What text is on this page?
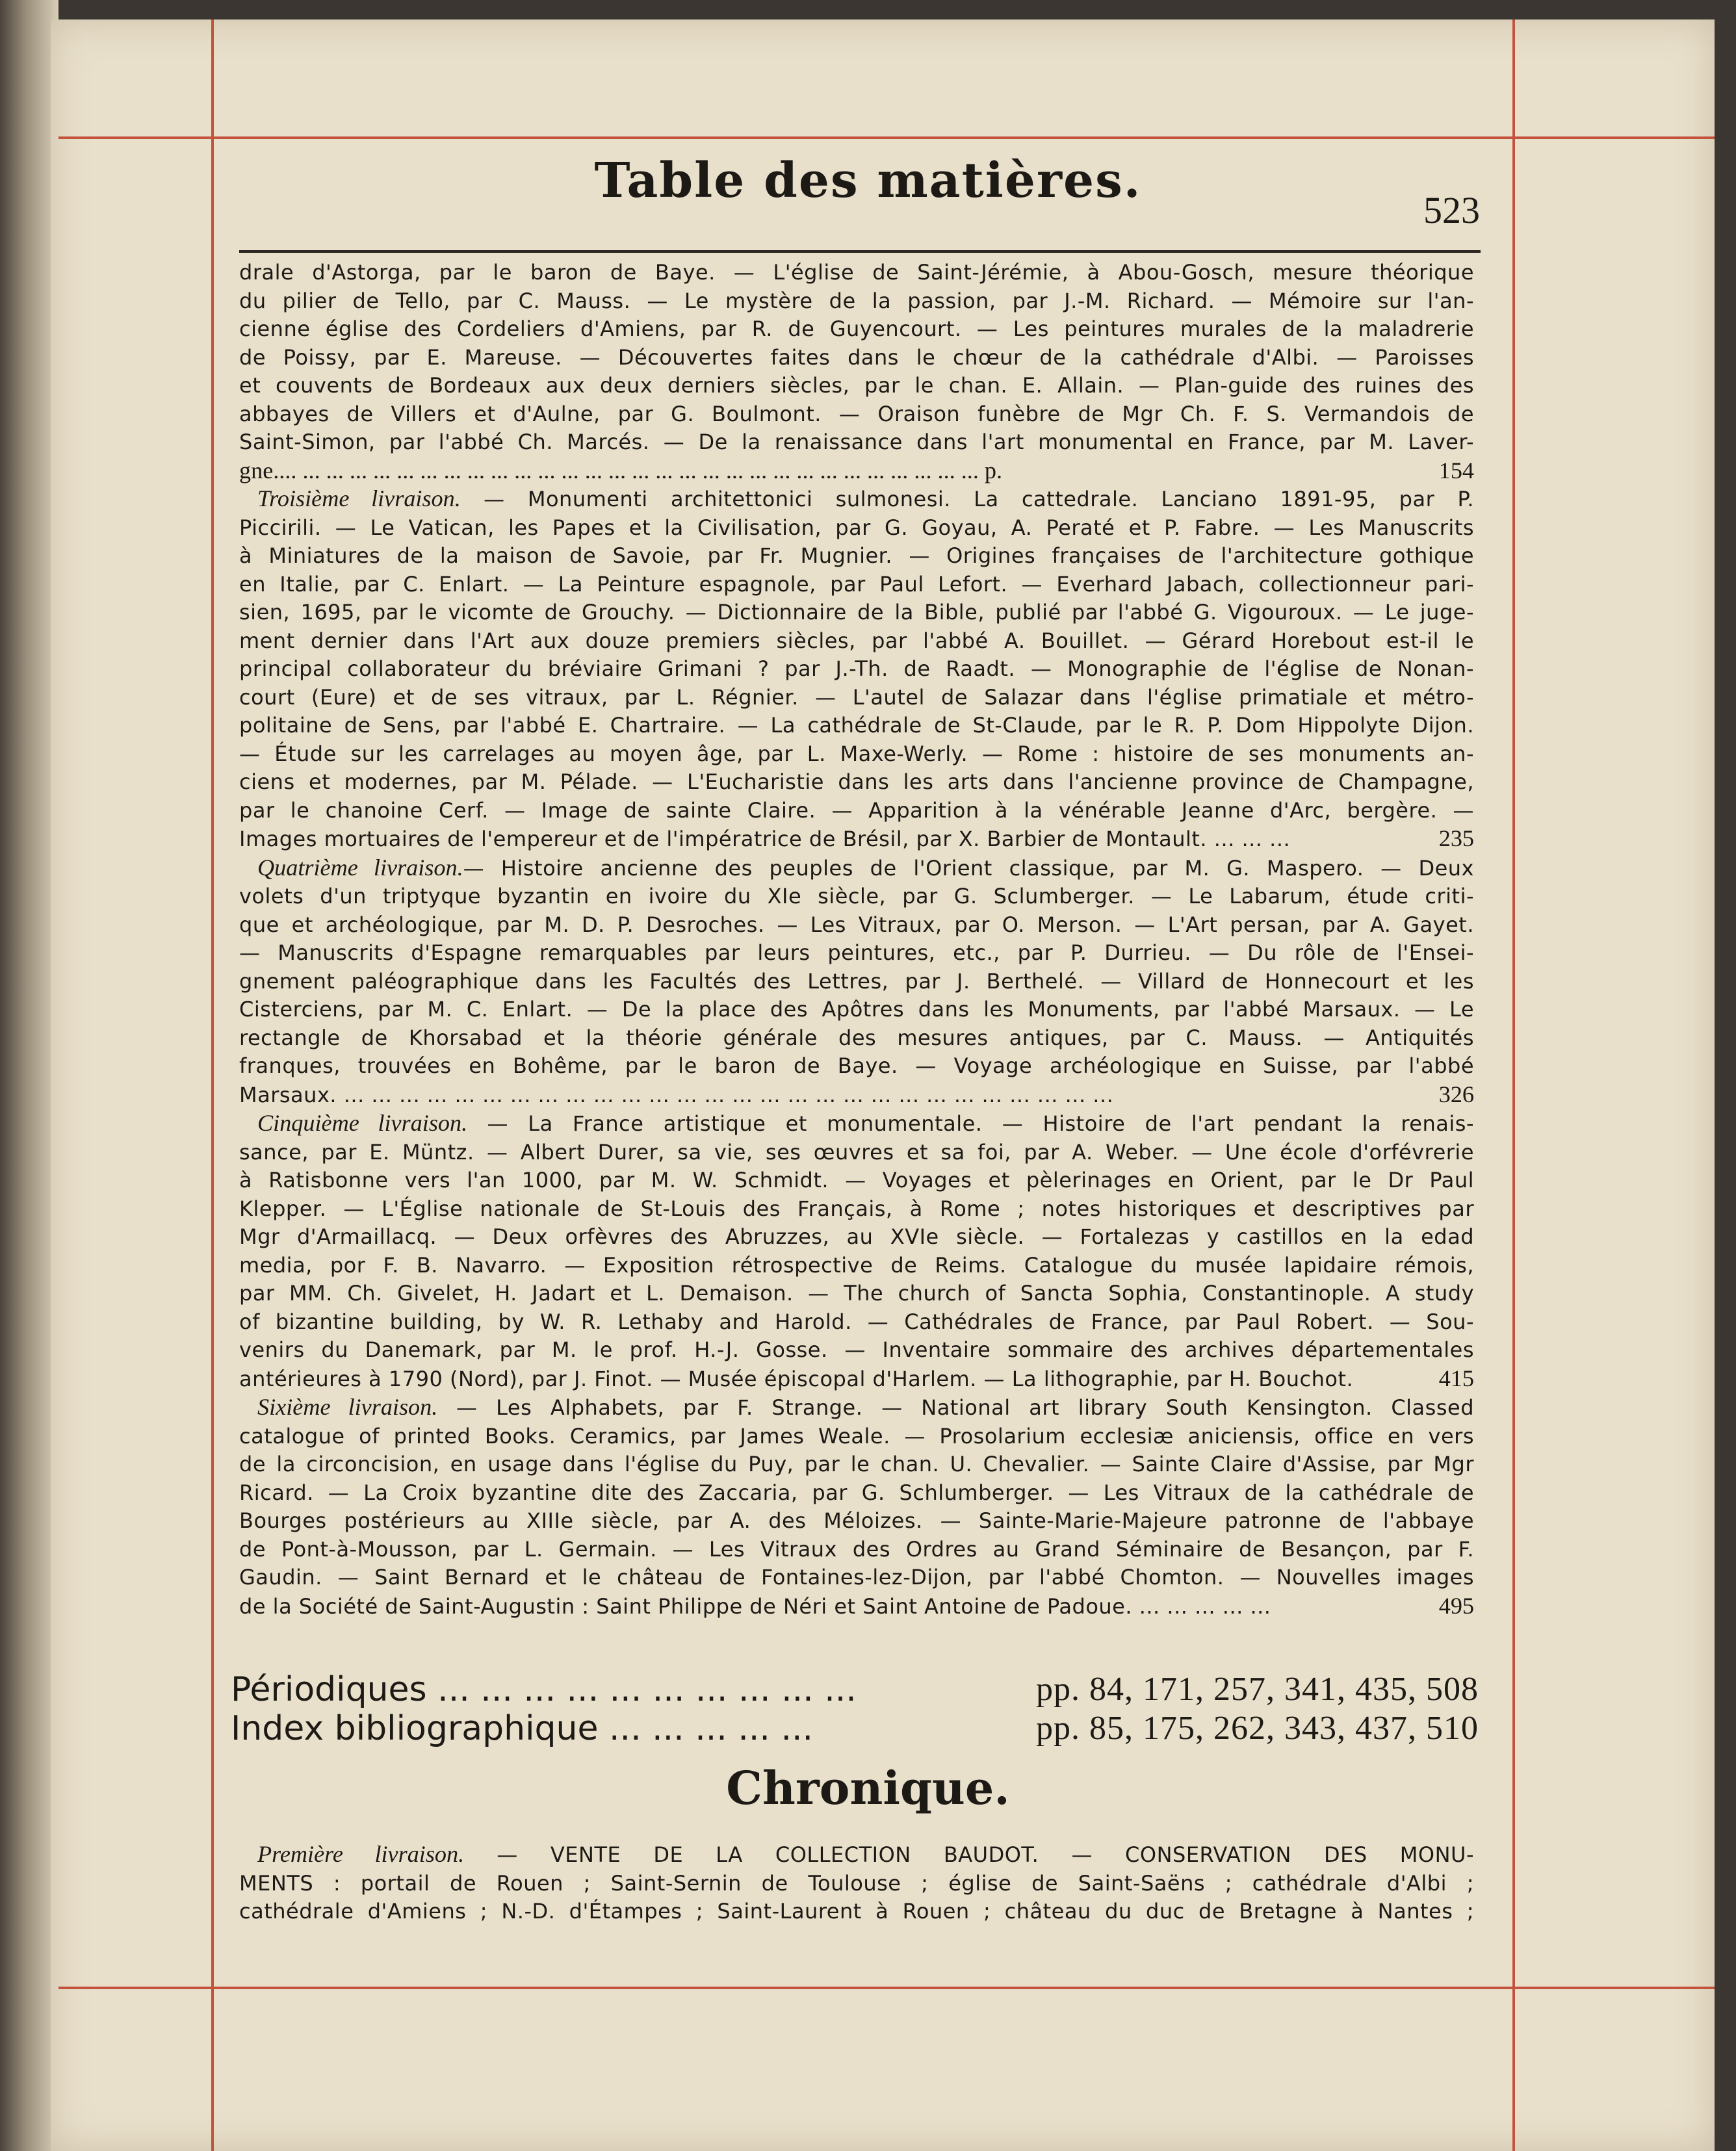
Table des matières.
523
drale d'Astorga, par le baron de Baye. — L'église de Saint-Jérémie, à Abou-Gosch, mesure théorique
du pilier de Tello, par C. Mauss. — Le mystère de la passion, par J.-M. Richard. — Mémoire sur l'an-
cienne église des Cordeliers d'Amiens, par R. de Guyencourt. — Les peintures murales de la maladrerie
de Poissy, par E. Mareuse. — Découvertes faites dans le chœur de la cathédrale d'Albi. — Paroisses
et couvents de Bordeaux aux deux derniers siècles, par le chan. E. Allain. — Plan-guide des ruines des
abbayes de Villers et d'Aulne, par G. Boulmont. — Oraison funèbre de Mgr Ch. F. S. Vermandois de
Saint-Simon, par l'abbé Ch. Marcés. — De la renaissance dans l'art monumental en France, par M. Laver-
gne.... ... ... ... ... ... ... ... ... ... ... ... ... ... ... ... ... ... ... ... ... ... ... ... ... ... ... ... ... ... p.	154
Troisième livraison. — Monumenti architettonici sulmonesi. La cattedrale. Lanciano 1891-95, par P.
Piccirili. — Le Vatican, les Papes et la Civilisation, par G. Goyau, A. Peraté et P. Fabre. — Les Manuscrits
à Miniatures de la maison de Savoie, par Fr. Mugnier. — Origines françaises de l'architecture gothique
en Italie, par C. Enlart. — La Peinture espagnole, par Paul Lefort. — Everhard Jabach, collectionneur pari-
sien, 1695, par le vicomte de Grouchy. — Dictionnaire de la Bible, publié par l'abbé G. Vigouroux. — Le juge-
ment dernier dans l'Art aux douze premiers siècles, par l'abbé A. Bouillet. — Gérard Horebout est-il le
principal collaborateur du bréviaire Grimani ? par J.-Th. de Raadt. — Monographie de l'église de Nonan-
court (Eure) et de ses vitraux, par L. Régnier. — L'autel de Salazar dans l'église primatiale et métro-
politaine de Sens, par l'abbé E. Chartraire. — La cathédrale de St-Claude, par le R. P. Dom Hippolyte Dijon.
— Étude sur les carrelages au moyen âge, par L. Maxe-Werly. — Rome : histoire de ses monuments an-
ciens et modernes, par M. Pélade. — L'Eucharistie dans les arts dans l'ancienne province de Champagne,
par le chanoine Cerf. — Image de sainte Claire. — Apparition à la vénérable Jeanne d'Arc, bergère. —
Images mortuaires de l'empereur et de l'impératrice de Brésil, par X. Barbier de Montault. ... ... ...	235
Quatrième livraison.— Histoire ancienne des peuples de l'Orient classique, par M. G. Maspero. — Deux
volets d'un triptyque byzantin en ivoire du XIe siècle, par G. Sclumberger. — Le Labarum, étude criti-
que et archéologique, par M. D. P. Desroches. — Les Vitraux, par O. Merson. — L'Art persan, par A. Gayet.
— Manuscrits d'Espagne remarquables par leurs peintures, etc., par P. Durrieu. — Du rôle de l'Ensei-
gnement paléographique dans les Facultés des Lettres, par J. Berthelé. — Villard de Honnecourt et les
Cisterciens, par M. C. Enlart. — De la place des Apôtres dans les Monuments, par l'abbé Marsaux. — Le
rectangle de Khorsabad et la théorie générale des mesures antiques, par C. Mauss. — Antiquités
franques, trouvées en Bohême, par le baron de Baye. — Voyage archéologique en Suisse, par l'abbé
Marsaux. ... ... ... ... ... ... ... ... ... ... ... ... ... ... ... ... ... ... ... ... ... ... ... ... ... ... ... ...	326
Cinquième livraison. — La France artistique et monumentale. — Histoire de l'art pendant la renais-
sance, par E. Müntz. — Albert Durer, sa vie, ses œuvres et sa foi, par A. Weber. — Une école d'orfévrerie
à Ratisbonne vers l'an 1000, par M. W. Schmidt. — Voyages et pèlerinages en Orient, par le Dr Paul
Klepper. — L'Église nationale de St-Louis des Français, à Rome ; notes historiques et descriptives par
Mgr d'Armaillacq. — Deux orfèvres des Abruzzes, au XVIe siècle. — Fortalezas y castillos en la edad
media, por F. B. Navarro. — Exposition rétrospective de Reims. Catalogue du musée lapidaire rémois,
par MM. Ch. Givelet, H. Jadart et L. Demaison. — The church of Sancta Sophia, Constantinople. A study
of bizantine building, by W. R. Lethaby and Harold. — Cathédrales de France, par Paul Robert. — Sou-
venirs du Danemark, par M. le prof. H.-J. Gosse. — Inventaire sommaire des archives départementales
antérieures à 1790 (Nord), par J. Finot. — Musée épiscopal d'Harlem. — La lithographie, par H. Bouchot.	415
Sixième livraison. — Les Alphabets, par F. Strange. — National art library South Kensington. Classed
catalogue of printed Books. Ceramics, par James Weale. — Prosolarium ecclesiæ aniciensis, office en vers
de la circoncision, en usage dans l'église du Puy, par le chan. U. Chevalier. — Sainte Claire d'Assise, par Mgr
Ricard. — La Croix byzantine dite des Zaccaria, par G. Schlumberger. — Les Vitraux de la cathédrale de
Bourges postérieurs au XIIIe siècle, par A. des Méloizes. — Sainte-Marie-Majeure patronne de l'abbaye
de Pont-à-Mousson, par L. Germain. — Les Vitraux des Ordres au Grand Séminaire de Besançon, par F.
Gaudin. — Saint Bernard et le château de Fontaines-lez-Dijon, par l'abbé Chomton. — Nouvelles images
de la Société de Saint-Augustin : Saint Philippe de Néri et Saint Antoine de Padoue. ... ... ... ... ...	495
Périodiques ... ... ... ... ... ... ... ... ... ...	pp. 84, 171, 257, 341, 435, 508
Index bibliographique ... ... ... ... ...	pp. 85, 175, 262, 343, 437, 510
Chronique.
Première livraison. — VENTE DE LA COLLECTION BAUDOT. — CONSERVATION DES MONU-
MENTS : portail de Rouen ; Saint-Sernin de Toulouse ; église de Saint-Saëns ; cathédrale d'Albi ;
cathédrale d'Amiens ; N.-D. d'Étampes ; Saint-Laurent à Rouen ; château du duc de Bretagne à Nantes ;
